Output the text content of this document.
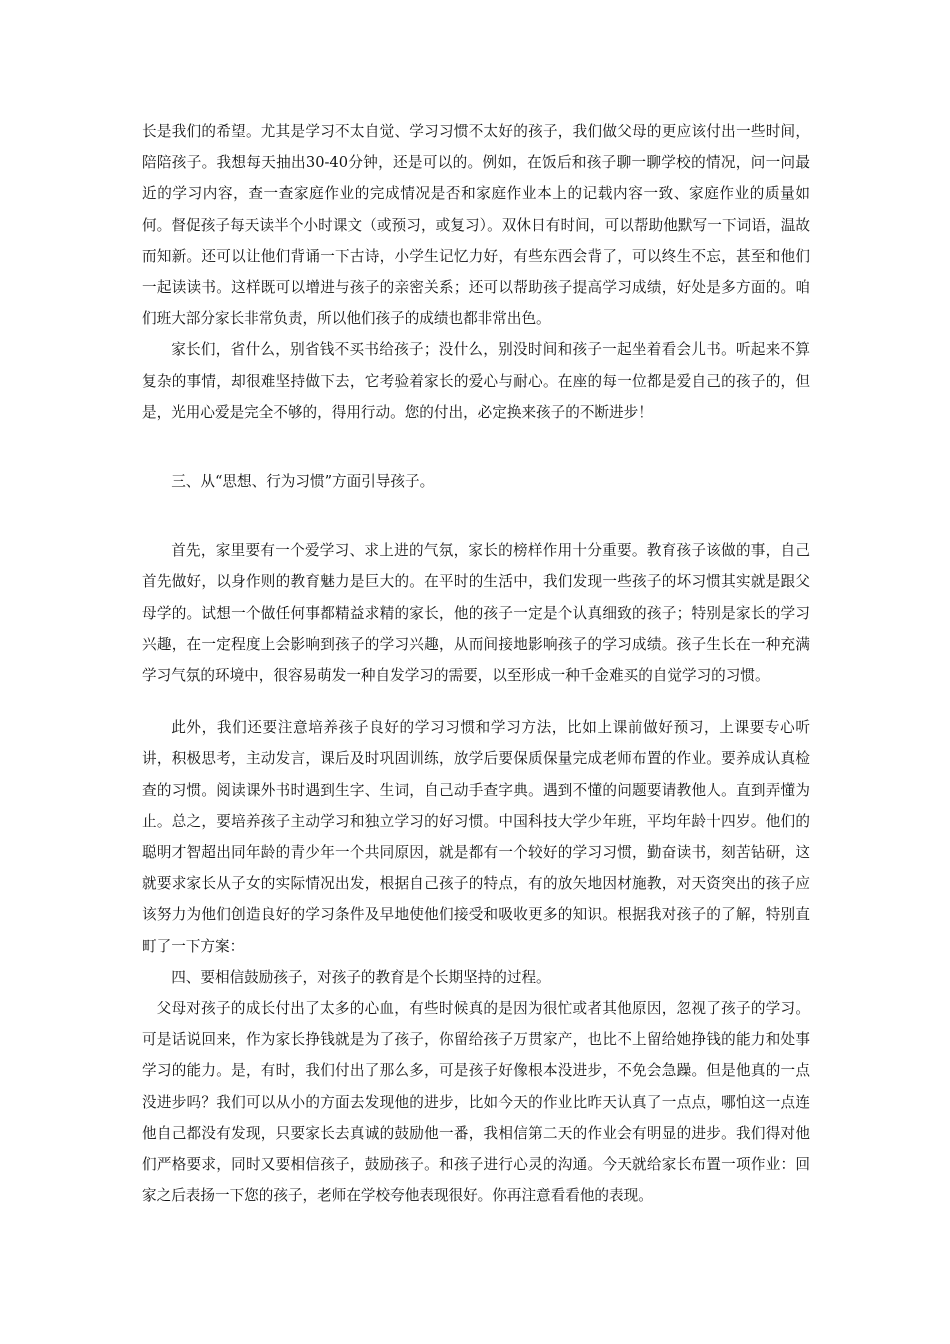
长是我们的希望。尤其是学习不太自觉、学习习惯不太好的孩子，我们做父母的更应该付出一些时间，陪陪孩子。我想每天抽出30-40分钟，还是可以的。例如，在饭后和孩子聊一聊学校的情况，问一问最近的学习内容，查一查家庭作业的完成情况是否和家庭作业本上的记载内容一致、家庭作业的质量如何。督促孩子每天读半个小时课文（或预习，或复习）。双休日有时间，可以帮助他默写一下词语，温故而知新。还可以让他们背诵一下古诗，小学生记忆力好，有些东西会背了，可以终生不忘，甚至和他们一起读读书。这样既可以增进与孩子的亲密关系；还可以帮助孩子提高学习成绩，好处是多方面的。咱们班大部分家长非常负责，所以他们孩子的成绩也都非常出色。

家长们，省什么，别省钱不买书给孩子；没什么，别没时间和孩子一起坐着看会儿书。听起来不算复杂的事情，却很难坚持做下去，它考验着家长的爱心与耐心。在座的每一位都是爱自己的孩子的，但是，光用心爱是完全不够的，得用行动。您的付出，必定换来孩子的不断进步！

三、从“思想、行为习惯”方面引导孩子。

首先，家里要有一个爱学习、求上进的气氛，家长的榜样作用十分重要。教育孩子该做的事，自己首先做好，以身作则的教育魅力是巨大的。在平时的生活中，我们发现一些孩子的坏习惯其实就是跟父母学的。试想一个做任何事都精益求精的家长，他的孩子一定是个认真细致的孩子；特别是家长的学习兴趣，在一定程度上会影响到孩子的学习兴趣，从而间接地影响孩子的学习成绩。孩子生长在一种充满学习气氛的环境中，很容易萌发一种自发学习的需要，以至形成一种千金难买的自觉学习的习惯。

此外，我们还要注意培养孩子良好的学习习惯和学习方法，比如上课前做好预习，上课要专心听讲，积极思考，主动发言，课后及时巩固训练，放学后要保质保量完成老师布置的作业。要养成认真检查的习惯。阅读课外书时遇到生字、生词，自己动手查字典。遇到不懂的问题要请教他人。直到弄懂为止。总之，要培养孩子主动学习和独立学习的好习惯。中国科技大学少年班，平均年龄十四岁。他们的聪明才智超出同年龄的青少年一个共同原因，就是都有一个较好的学习习惯，勤奋读书，刻苦钻研，这就要求家长从子女的实际情况出发，根据自己孩子的特点，有的放矢地因材施教，对天资突出的孩子应该努力为他们创造良好的学习条件及早地使他们接受和吸收更多的知识。根据我对孩子的了解，特别直町了一下方案：

四、要相信鼓励孩子，对孩子的教育是个长期坚持的过程。

父母对孩子的成长付出了太多的心血，有些时候真的是因为很忙或者其他原因，忽视了孩子的学习。可是话说回来，作为家长挣钱就是为了孩子，你留给孩子万贯家产，也比不上留给她挣钱的能力和处事学习的能力。是，有时，我们付出了那么多，可是孩子好像根本没进步，不免会急躁。但是他真的一点没进步吗？我们可以从小的方面去发现他的进步，比如今天的作业比昨天认真了一点点，哪怕这一点连他自己都没有发现，只要家长去真诚的鼓励他一番，我相信第二天的作业会有明显的进步。我们得对他们严格要求，同时又要相信孩子，鼓励孩子。和孩子进行心灵的沟通。今天就给家长布置一项作业：回家之后表扬一下您的孩子，老师在学校夸他表现很好。你再注意看看他的表现。
